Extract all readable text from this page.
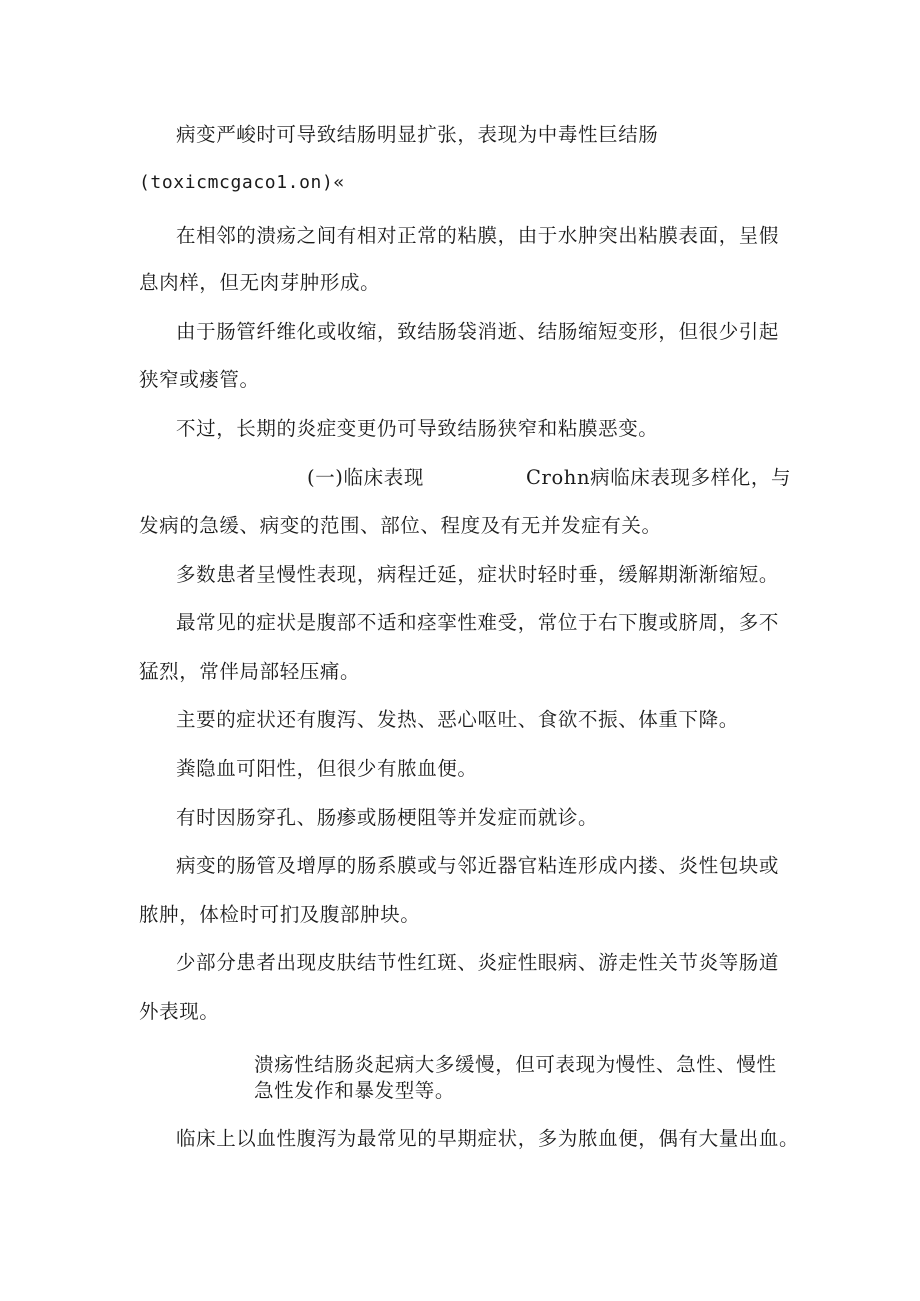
病变严峻时可导致结肠明显扩张，表现为中毒性巨结肠
(toxicmcgaco1.on)«
在相邻的溃疡之间有相对正常的粘膜，由于水肿突出粘膜表面，呈假
息肉样，但无肉芽肿形成。
由于肠管纤维化或收缩，致结肠袋消逝、结肠缩短变形，但很少引起
狭窄或瘘管。
不过，长期的炎症变更仍可导致结肠狭窄和粘膜恶变。
(一)临床表现	Crohn病临床表现多样化，与
发病的急缓、病变的范围、部位、程度及有无并发症有关。
多数患者呈慢性表现，病程迁延，症状时轻时垂，缓解期渐渐缩短。
最常见的症状是腹部不适和痉挛性难受，常位于右下腹或脐周，多不
猛烈，常伴局部轻压痛。
主要的症状还有腹泻、发热、恶心呕吐、食欲不振、体重下降。
粪隐血可阳性，但很少有脓血便。
有时因肠穿孔、肠瘆或肠梗阻等并发症而就诊。
病变的肠管及增厚的肠系膜或与邻近器官粘连形成内搂、炎性包块或
脓肿，体检时可扪及腹部肿块。
少部分患者出现皮肤结节性红斑、炎症性眼病、游走性关节炎等肠道
外表现。
溃疡性结肠炎起病大多缓慢，但可表现为慢性、急性、慢性
急性发作和暴发型等。
临床上以血性腹泻为最常见的早期症状，多为脓血便，偶有大量出血。
